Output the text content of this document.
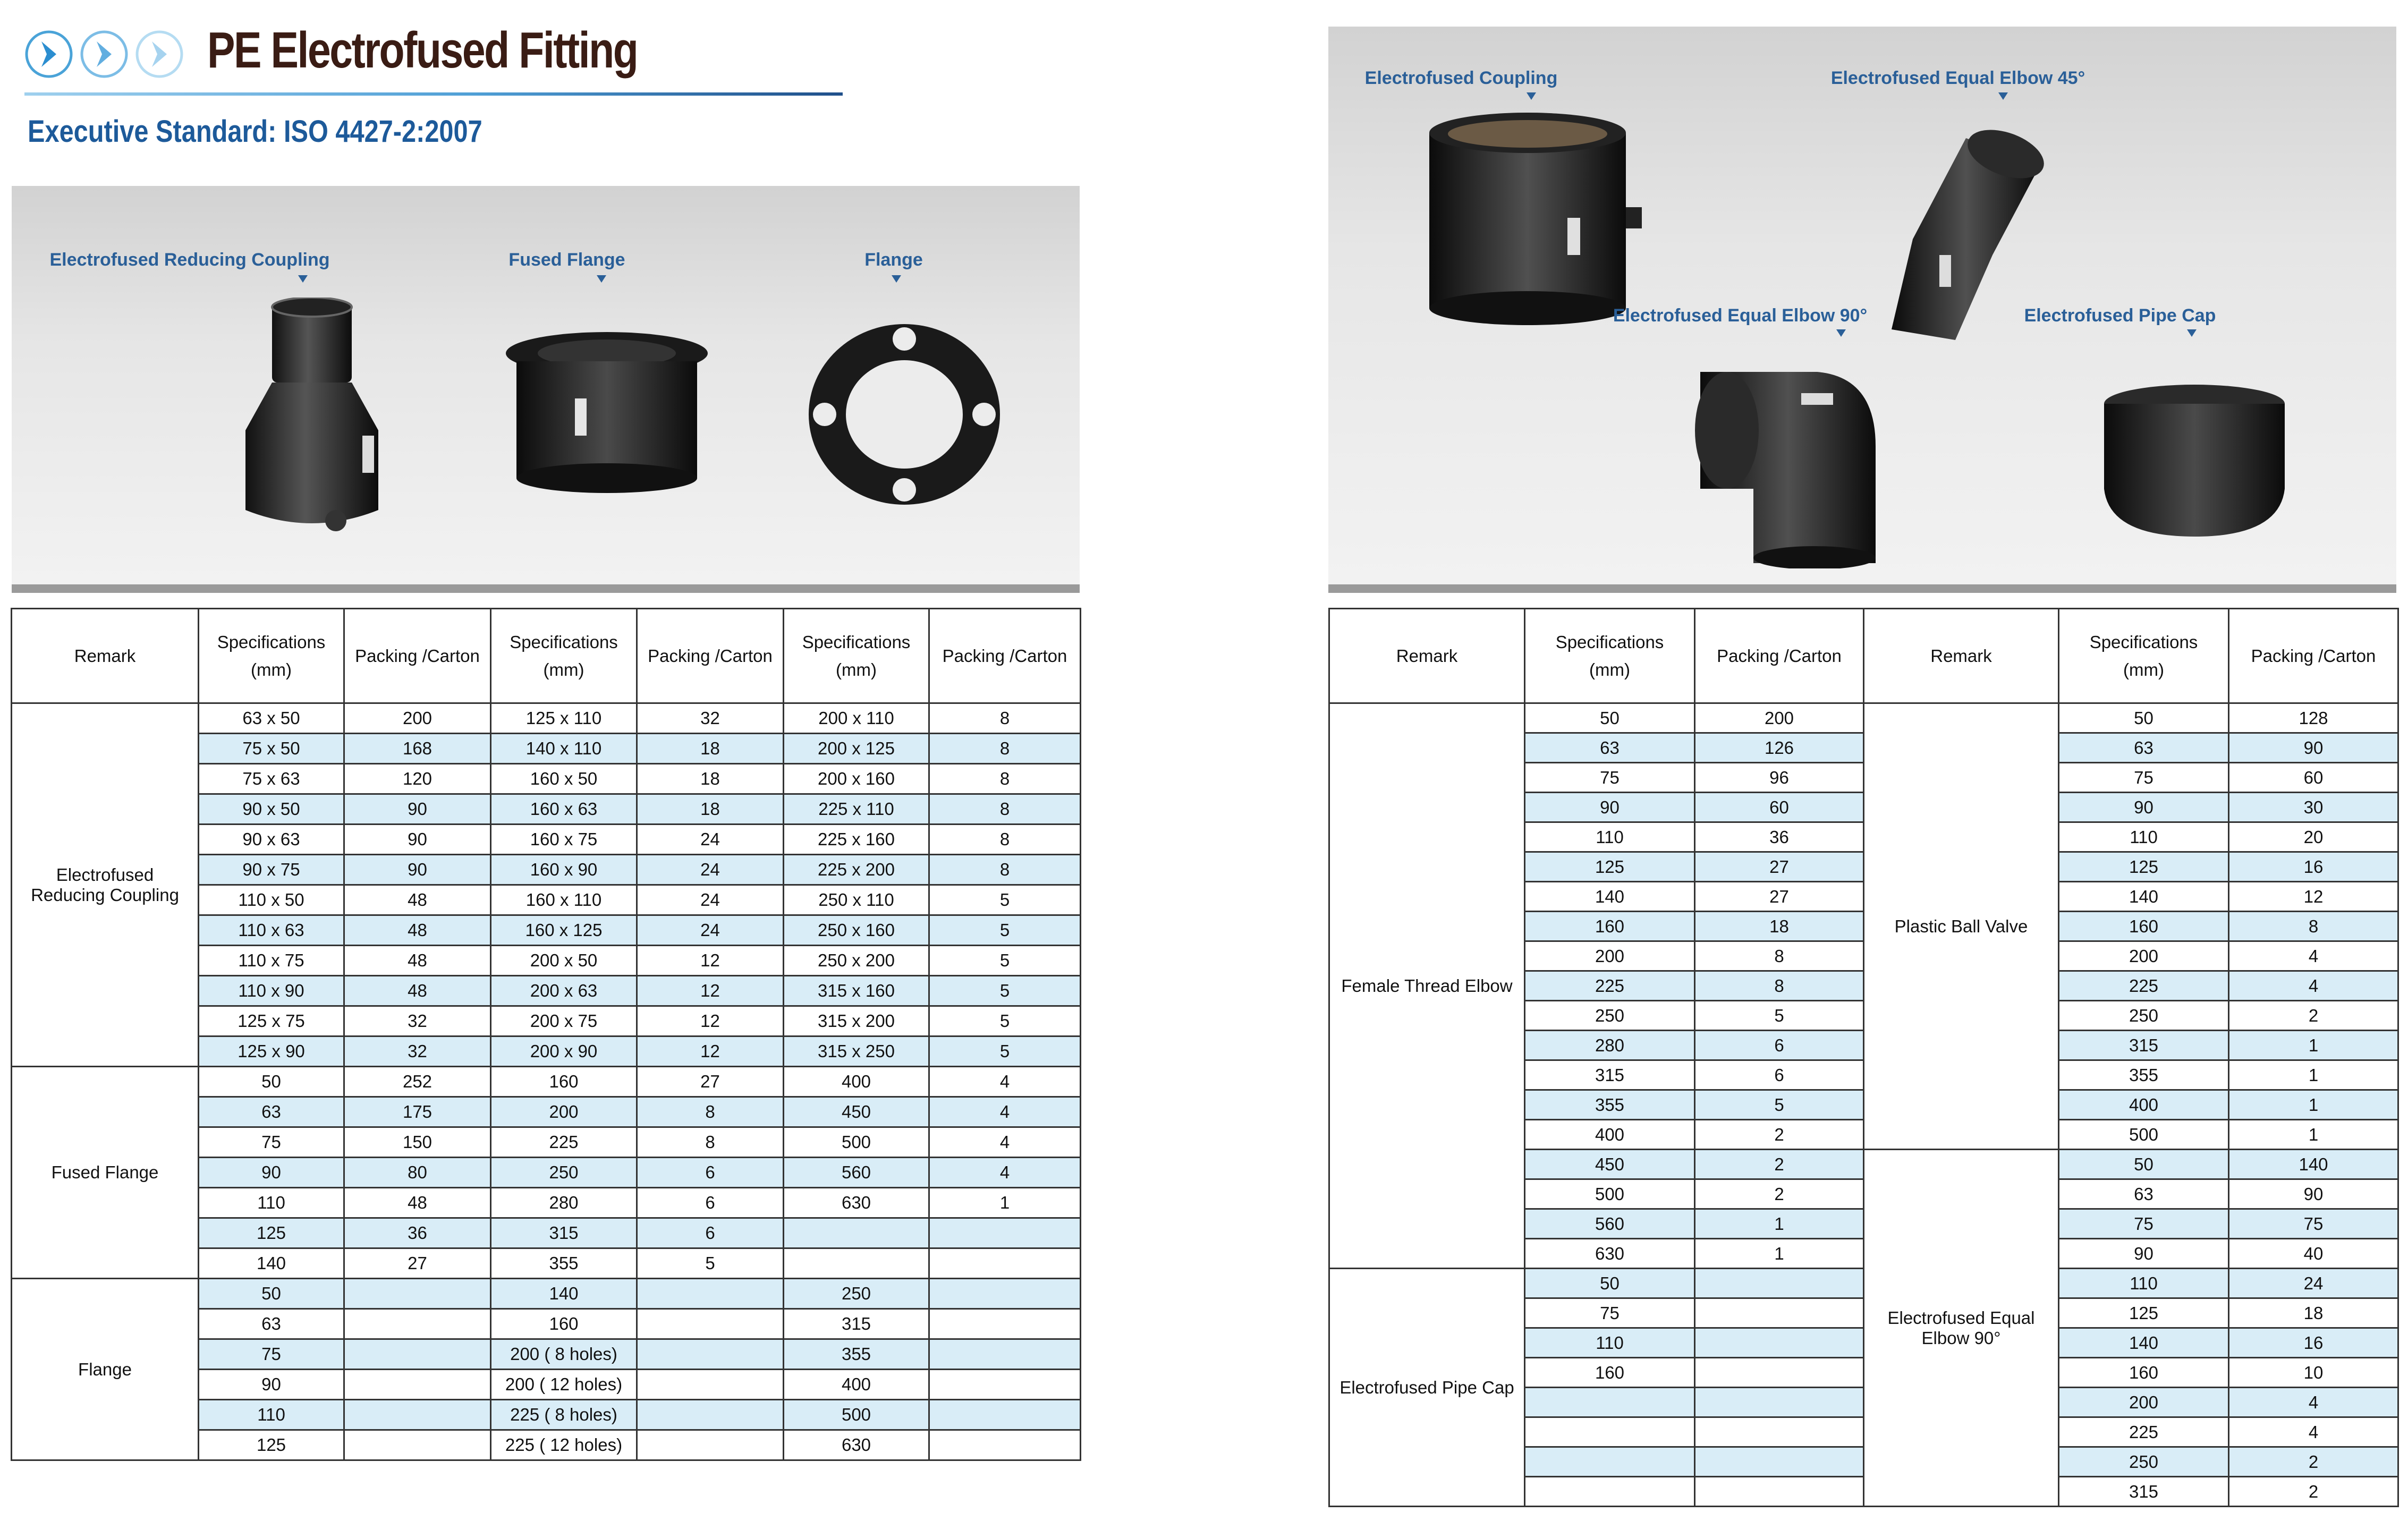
PE Electrofused Fitting
Executive Standard: ISO 4427-2:2007
Electrofused Reducing Coupling	Fused Flange	Flange
Electrofused Coupling	Electrofused Equal Elbow 45°
Electrofused Equal Elbow 90°	Electrofused Pipe Cap
Remark	Specifications
(mm)	Packing /Carton	Specifications
(mm)	Packing /Carton	Specifications
(mm)	Packing /Carton
Electrofused
Reducing Coupling	63 x 50	200	125 x 110	32	200 x 110	8
	75 x 50	168	140 x 110	18	200 x 125	8
	75 x 63	120	160 x 50	18	200 x 160	8
	90 x 50	90	160 x 63	18	225 x 110	8
	90 x 63	90	160 x 75	24	225 x 160	8
	90 x 75	90	160 x 90	24	225 x 200	8
	110 x 50	48	160 x 110	24	250 x 110	5
	110 x 63	48	160 x 125	24	250 x 160	5
	110 x 75	48	200 x 50	12	250 x 200	5
	110 x 90	48	200 x 63	12	315 x 160	5
	125 x 75	32	200 x 75	12	315 x 200	5
	125 x 90	32	200 x 90	12	315 x 250	5
Fused Flange	50	252	160	27	400	4
	63	175	200	8	450	4
	75	150	225	8	500	4
	90	80	250	6	560	4
	110	48	280	6	630	1
	125	36	315	6		
	140	27	355	5		
Flange	50		140		250	
	63		160		315	
	75		200 ( 8 holes)		355	
	90		200 ( 12 holes)		400	
	110		225 ( 8 holes)		500	
	125		225 ( 12 holes)		630	
Remark	Specifications
(mm)	Packing /Carton	Remark	Specifications
(mm)	Packing /Carton
Female Thread Elbow	50	200	Plastic Ball Valve	50	128
	63	126		63	90
	75	96		75	60
	90	60		90	30
	110	36		110	20
	125	27		125	16
	140	27		140	12
	160	18		160	8
	200	8		200	4
	225	8		225	4
	250	5		250	2
	280	6		315	1
	315	6		355	1
	355	5		400	1
	400	2		500	1
	450	2	Electrofused Equal
Elbow 90°	50	140
	500	2		63	90
	560	1		75	75
	630	1		90	40
Electrofused Pipe Cap	50			110	24
	75			125	18
	110			140	16
	160			160	10
				200	4
				225	4
				250	2
				315	2
